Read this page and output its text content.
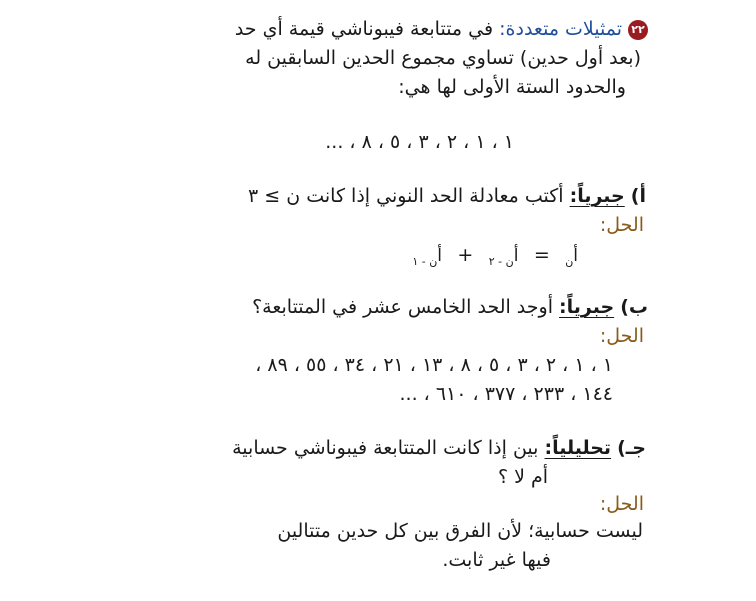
٢٢تمثيلات متعددة: في متتابعة فيبوناشي قيمة أي حد
(بعد أول حدين) تساوي مجموع الحدين السابقين له
والحدود الستة الأولى لها هي:
١ ، ١ ، ٢ ، ٣ ، ٥ ، ٨ ، ...
أ) جبرياً: أكتب معادلة الحد النوني إذا كانت ن ≥ ٣
الحل:
أ$_ن$ = أ$_{ن - ٢}$ + أ$_{ن - ١}$
ب) جبرياً: أوجد الحد الخامس عشر في المتتابعة؟
الحل:
١ ، ١ ، ٢ ، ٣ ، ٥ ، ٨ ، ١٣ ، ٢١ ، ٣٤ ، ٥٥ ، ٨٩ ،
١٤٤ ، ٢٣٣ ، ٣٧٧ ، ٦١٠ ، ...
جـ) تحليلياً: بين إذا كانت المتتابعة فيبوناشي حسابية
أم لا ؟
الحل:
ليست حسابية؛ لأن الفرق بين كل حدين متتالين
فيها غير ثابت.
